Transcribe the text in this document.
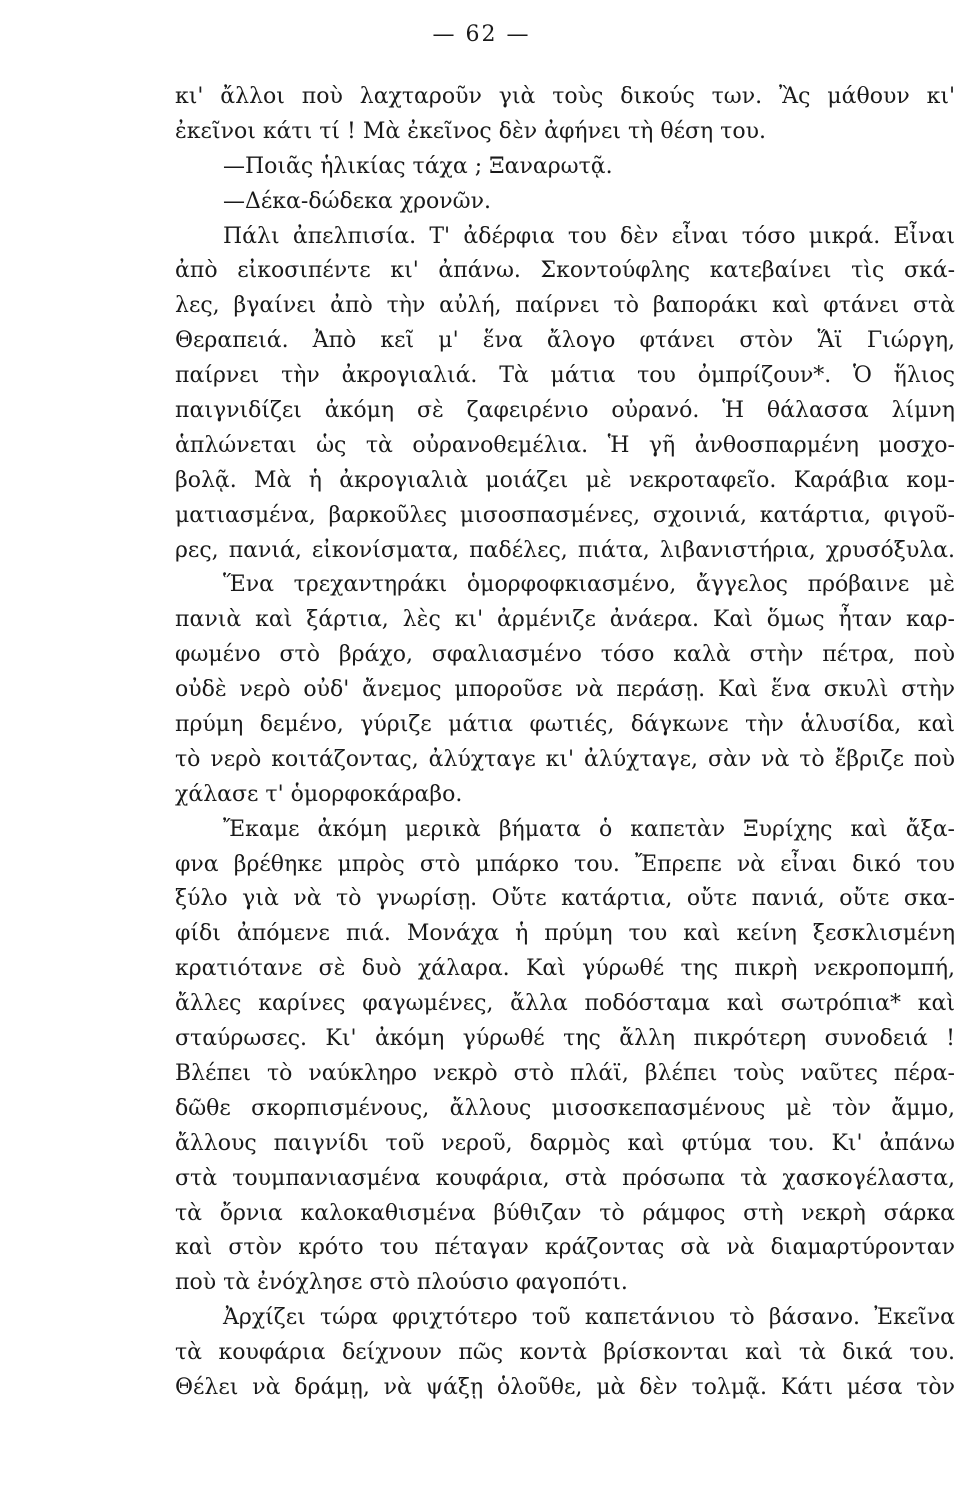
— 62 —
κι' ἄλλοι ποὺ λαχταροῦν γιὰ τοὺς δικούς των. Ἂς μάθουν κι'
ἐκεῖνοι κάτι τί ! Μὰ ἐκεῖνος δὲν ἀφήνει τὴ θέση του.
—Ποιᾶς ἡλικίας τάχα ; Ξαναρωτᾷ.
—Δέκα-δώδεκα χρονῶν.
Πάλι ἀπελπισία. Τ' ἀδέρφια του δὲν εἶναι τόσο μικρά. Εἶναι
ἀπὸ εἰκοσιπέντε κι' ἀπάνω. Σκοντούφλης κατεβαίνει τὶς σκά-
λες, βγαίνει ἀπὸ τὴν αὐλή, παίρνει τὸ βαποράκι καὶ φτάνει στὰ
Θεραπειά. Ἀπὸ κεῖ μ' ἕνα ἄλογο φτάνει στὸν Ἅϊ Γιώργη,
παίρνει τὴν ἀκρογιαλιά. Τὰ μάτια του ὀμπρίζουν*. Ὁ ἥλιος
παιγνιδίζει ἀκόμη σὲ ζαφειρένιο οὐρανό. Ἡ θάλασσα λίμνη
ἁπλώνεται ὡς τὰ οὐρανοθεμέλια. Ἡ γῆ ἀνθοσπαρμένη μοσχο-
βολᾷ. Μὰ ἡ ἀκρογιαλιὰ μοιάζει μὲ νεκροταφεῖο. Καράβια κομ-
ματιασμένα, βαρκοῦλες μισοσπασμένες, σχοινιά, κατάρτια, φιγοῦ-
ρες, πανιά, εἰκονίσματα, παδέλες, πιάτα, λιβανιστήρια, χρυσόξυλα.
Ἕνα τρεχαντηράκι ὁμορφοφκιασμένο, ἄγγελος πρόβαινε μὲ
πανιὰ καὶ ξάρτια, λὲς κι' ἀρμένιζε ἀνάερα. Καὶ ὅμως ἦταν καρ-
φωμένο στὸ βράχο, σφαλιασμένο τόσο καλὰ στὴν πέτρα, ποὺ
οὐδὲ νερὸ οὐδ' ἄνεμος μποροῦσε νὰ περάσῃ. Καὶ ἕνα σκυλὶ στὴν
πρύμη δεμένο, γύριζε μάτια φωτιές, δάγκωνε τὴν ἁλυσίδα, καὶ
τὸ νερὸ κοιτάζοντας, ἀλύχταγε κι' ἀλύχταγε, σὰν νὰ τὸ ἔβριζε ποὺ
χάλασε τ' ὁμορφοκάραβο.
Ἔκαμε ἀκόμη μερικὰ βήματα ὁ καπετὰν Ξυρίχης καὶ ἄξα-
φνα βρέθηκε μπρὸς στὸ μπάρκο του. Ἔπρεπε νὰ εἶναι δικό του
ξύλο γιὰ νὰ τὸ γνωρίσῃ. Οὔτε κατάρτια, οὔτε πανιά, οὔτε σκα-
φίδι ἀπόμενε πιά. Μονάχα ἡ πρύμη του καὶ κείνη ξεσκλισμένη
κρατιότανε σὲ δυὸ χάλαρα. Καὶ γύρωθέ της πικρὴ νεκροπομπή,
ἄλλες καρίνες φαγωμένες, ἄλλα ποδόσταμα καὶ σωτρόπια* καὶ
σταύρωσες. Κι' ἀκόμη γύρωθέ της ἄλλη πικρότερη συνοδειά !
Βλέπει τὸ ναύκληρο νεκρὸ στὸ πλάϊ, βλέπει τοὺς ναῦτες πέρα-
δῶθε σκορπισμένους, ἄλλους μισοσκεπασμένους μὲ τὸν ἄμμο,
ἄλλους παιγνίδι τοῦ νεροῦ, δαρμὸς καὶ φτύμα του. Κι' ἀπάνω
στὰ τουμπανιασμένα κουφάρια, στὰ πρόσωπα τὰ χασκογέλαστα,
τὰ ὄρνια καλοκαθισμένα βύθιζαν τὸ ράμφος στὴ νεκρὴ σάρκα
καὶ στὸν κρότο του πέταγαν κράζοντας σὰ νὰ διαμαρτύρονταν
ποὺ τὰ ἐνόχλησε στὸ πλούσιο φαγοπότι.
Ἀρχίζει τώρα φριχτότερο τοῦ καπετάνιου τὸ βάσανο. Ἐκεῖνα
τὰ κουφάρια δείχνουν πῶς κοντὰ βρίσκονται καὶ τὰ δικά του.
Θέλει νὰ δράμῃ, νὰ ψάξῃ ὁλοῦθε, μὰ δὲν τολμᾷ. Κάτι μέσα τὸν
